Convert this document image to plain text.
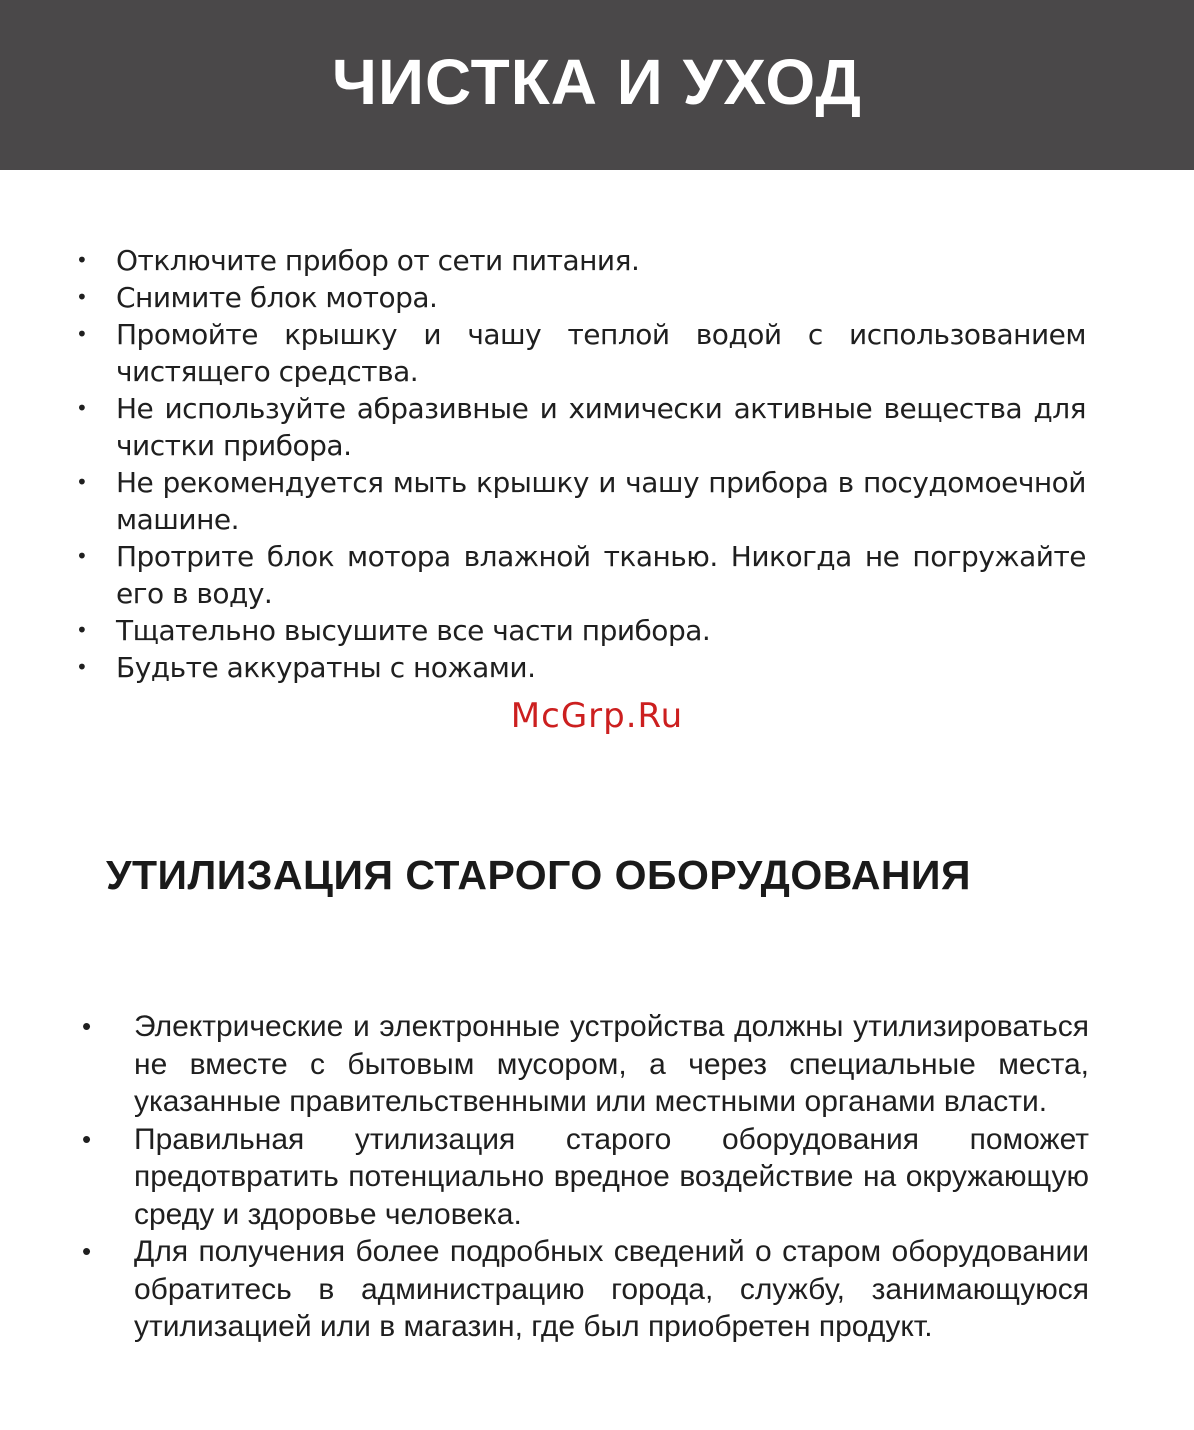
ЧИСТКА И УХОД
• Отключите прибор от сети питания.
• Снимите блок мотора.
• Промойте крышку и чашу теплой водой с использованием чистящего средства.
• Не используйте абразивные и химически активные вещества для чистки прибора.
• Не рекомендуется мыть крышку и чашу прибора в посудомоечной машине.
• Протрите блок мотора влажной тканью. Никогда не погружайте его в воду.
• Тщательно высушите все части прибора.
• Будьте аккуратны с ножами.
McGrp.Ru
УТИЛИЗАЦИЯ СТАРОГО ОБОРУДОВАНИЯ
• Электрические и электронные устройства должны утилизироваться не вместе с бытовым мусором, а через специальные места, указанные правительственными или местными органами власти.
• Правильная утилизация старого оборудования поможет предотвратить потенциально вредное воздействие на окружающую среду и здоровье человека.
• Для получения более подробных сведений о старом оборудовании обратитесь в администрацию города, службу, занимающуюся утилизацией или в магазин, где был приобретен продукт.
